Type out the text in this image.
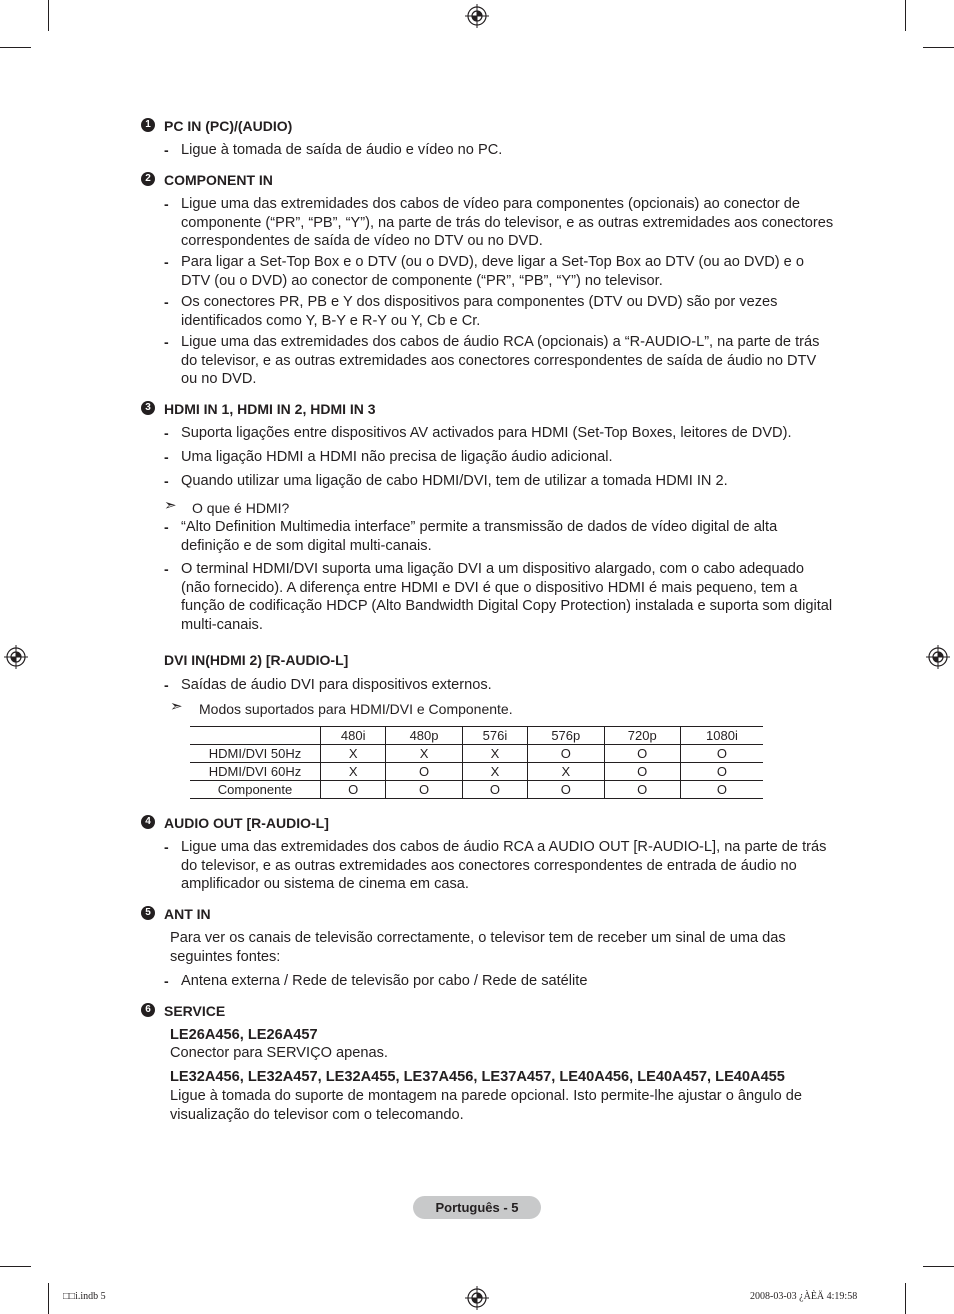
1 PC IN (PC)/(AUDIO)
- Ligue à tomada de saída de áudio e vídeo no PC.
2 COMPONENT IN
- Ligue uma das extremidades dos cabos de vídeo para componentes (opcionais) ao conector de componente (“PR”, “PB”, “Y”), na parte de trás do televisor, e as outras extremidades aos conectores correspondentes de saída de vídeo no DTV ou no DVD.
- Para ligar a Set-Top Box e o DTV (ou o DVD), deve ligar a Set-Top Box ao DTV (ou ao DVD) e o DTV (ou o DVD) ao conector de componente (“PR”, “PB”, “Y”) no televisor.
- Os conectores PR, PB e Y dos dispositivos para componentes (DTV ou DVD) são por vezes identificados como Y, B-Y e R-Y ou Y, Cb e Cr.
- Ligue uma das extremidades dos cabos de áudio RCA (opcionais) a “R-AUDIO-L”, na parte de trás do televisor, e as outras extremidades aos conectores correspondentes de saída de áudio no DTV ou no DVD.
3 HDMI IN 1, HDMI IN 2, HDMI IN 3
- Suporta ligações entre dispositivos AV activados para HDMI (Set-Top Boxes, leitores de DVD).
- Uma ligação HDMI a HDMI não precisa de ligação áudio adicional.
- Quando utilizar uma ligação de cabo HDMI/DVI, tem de utilizar a tomada HDMI IN 2.
➣ O que é HDMI?
- “Alto Definition Multimedia interface” permite a transmissão de dados de vídeo digital de alta definição e de som digital multi-canais.
- O terminal HDMI/DVI suporta uma ligação DVI a um dispositivo alargado, com o cabo adequado (não fornecido). A diferença entre HDMI e DVI é que o dispositivo HDMI é mais pequeno, tem a função de codificação HDCP (Alto Bandwidth Digital Copy Protection) instalada e suporta som digital multi-canais.
DVI IN(HDMI 2) [R-AUDIO-L]
- Saídas de áudio DVI para dispositivos externos.
➣ Modos suportados para HDMI/DVI e Componente.
	480i	480p	576i	576p	720p	1080i
HDMI/DVI 50Hz	X	X	X	O	O	O
HDMI/DVI 60Hz	X	O	X	X	O	O
Componente	O	O	O	O	O	O
4 AUDIO OUT [R-AUDIO-L]
- Ligue uma das extremidades dos cabos de áudio RCA a AUDIO OUT [R-AUDIO-L], na parte de trás do televisor, e as outras extremidades aos conectores correspondentes de entrada de áudio no amplificador ou sistema de cinema em casa.
5 ANT IN
Para ver os canais de televisão correctamente, o televisor tem de receber um sinal de uma das seguintes fontes:
- Antena externa / Rede de televisão por cabo / Rede de satélite
6 SERVICE
LE26A456, LE26A457
Conector para SERVIÇO apenas.
LE32A456, LE32A457, LE32A455, LE37A456, LE37A457, LE40A456, LE40A457, LE40A455
Ligue à tomada do suporte de montagem na parede opcional. Isto permite-lhe ajustar o ângulo de visualização do televisor com o telecomando.
Português - 5
□□i.indb 5	2008-03-03 ¿ÀÈÄ 4:19:58
